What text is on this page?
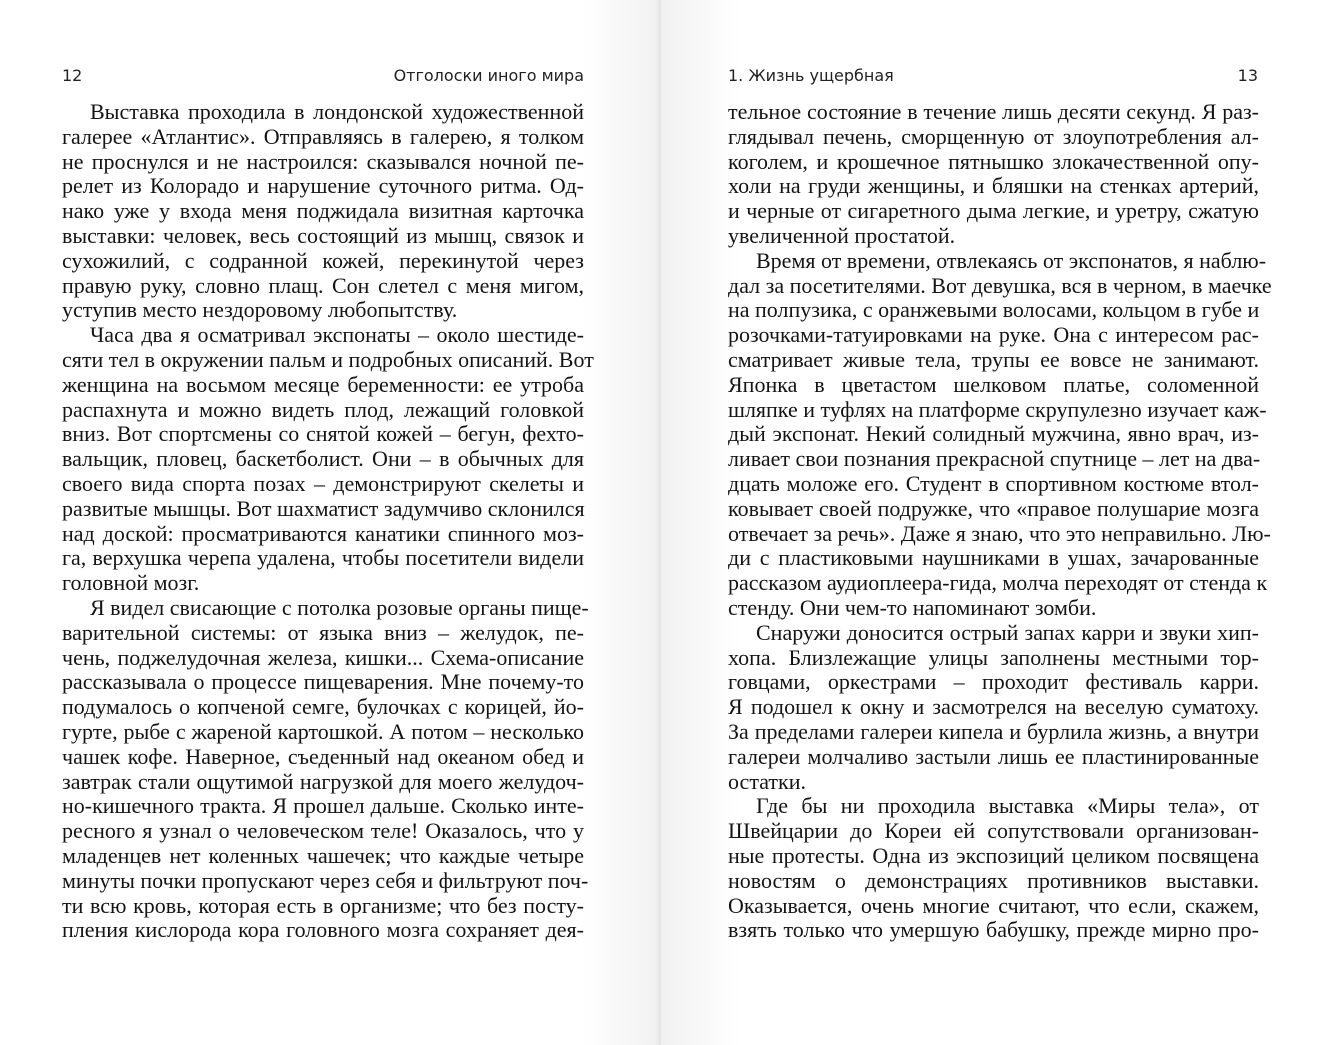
12	Отголоски иного мира
Выставка проходила в лондонской художественной
галерее «Атлантис». Отправляясь в галерею, я толком
не проснулся и не настроился: сказывался ночной пе-
релет из Колорадо и нарушение суточного ритма. Од-
нако уже у входа меня поджидала визитная карточка
выставки: человек, весь состоящий из мышц, связок и
сухожилий, с содранной кожей, перекинутой через
правую руку, словно плащ. Сон слетел с меня мигом,
уступив место нездоровому любопытству.
Часа два я осматривал экспонаты – около шестиде-
сяти тел в окружении пальм и подробных описаний. Вот
женщина на восьмом месяце беременности: ее утроба
распахнута и можно видеть плод, лежащий головкой
вниз. Вот спортсмены со снятой кожей – бегун, фехто-
вальщик, пловец, баскетболист. Они – в обычных для
своего вида спорта позах – демонстрируют скелеты и
развитые мышцы. Вот шахматист задумчиво склонился
над доской: просматриваются канатики спинного моз-
га, верхушка черепа удалена, чтобы посетители видели
головной мозг.
Я видел свисающие с потолка розовые органы пище-
варительной системы: от языка вниз – желудок, пе-
чень, поджелудочная железа, кишки... Схема-описание
рассказывала о процессе пищеварения. Мне почему-то
подумалось о копченой семге, булочках с корицей, йо-
гурте, рыбе с жареной картошкой. А потом – несколько
чашек кофе. Наверное, съеденный над океаном обед и
завтрак стали ощутимой нагрузкой для моего желудоч-
но-кишечного тракта. Я прошел дальше. Сколько инте-
ресного я узнал о человеческом теле! Оказалось, что у
младенцев нет коленных чашечек; что каждые четыре
минуты почки пропускают через себя и фильтруют поч-
ти всю кровь, которая есть в организме; что без посту-
пления кислорода кора головного мозга сохраняет дея-
1. Жизнь ущербная	13
тельное состояние в течение лишь десяти секунд. Я раз-
глядывал печень, сморщенную от злоупотребления ал-
коголем, и крошечное пятнышко злокачественной опу-
холи на груди женщины, и бляшки на стенках артерий,
и черные от сигаретного дыма легкие, и уретру, сжатую
увеличенной простатой.
Время от времени, отвлекаясь от экспонатов, я наблю-
дал за посетителями. Вот девушка, вся в черном, в маечке
на полпузика, с оранжевыми волосами, кольцом в губе и
розочками-татуировками на руке. Она с интересом рас-
сматривает живые тела, трупы ее вовсе не занимают.
Японка в цветастом шелковом платье, соломенной
шляпке и туфлях на платформе скрупулезно изучает каж-
дый экспонат. Некий солидный мужчина, явно врач, из-
ливает свои познания прекрасной спутнице – лет на два-
дцать моложе его. Студент в спортивном костюме втол-
ковывает своей подружке, что «правое полушарие мозга
отвечает за речь». Даже я знаю, что это неправильно. Лю-
ди с пластиковыми наушниками в ушах, зачарованные
рассказом аудиоплеера-гида, молча переходят от стенда к
стенду. Они чем-то напоминают зомби.
Снаружи доносится острый запах карри и звуки хип-
хопа. Близлежащие улицы заполнены местными тор-
говцами, оркестрами – проходит фестиваль карри.
Я подошел к окну и засмотрелся на веселую суматоху.
За пределами галереи кипела и бурлила жизнь, а внутри
галереи молчаливо застыли лишь ее пластинированные
остатки.
Где бы ни проходила выставка «Миры тела», от
Швейцарии до Кореи ей сопутствовали организован-
ные протесты. Одна из экспозиций целиком посвящена
новостям о демонстрациях противников выставки.
Оказывается, очень многие считают, что если, скажем,
взять только что умершую бабушку, прежде мирно про-
